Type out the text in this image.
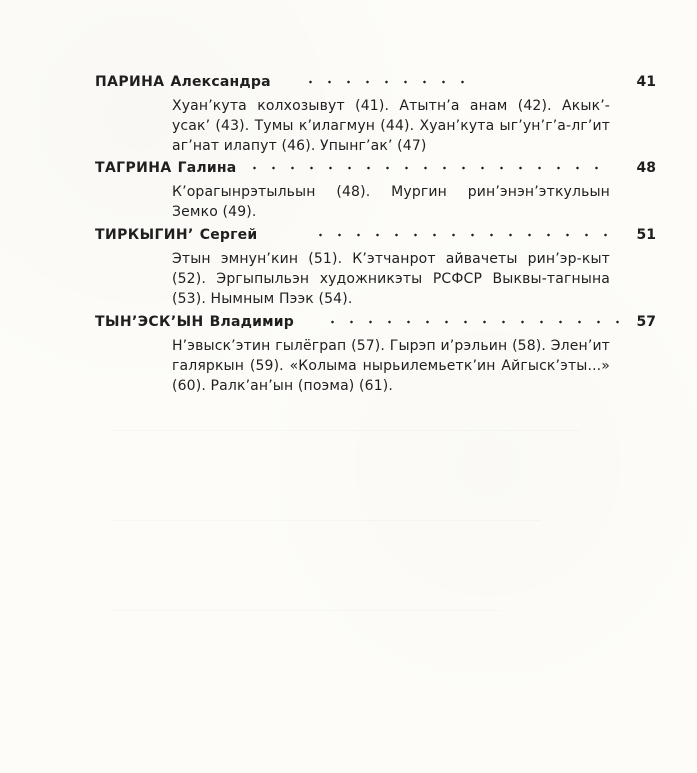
ПАРИНА Александра	41
Хуан’кута колхозывут (41). Атытн’а анам (42). Акык’-усак’ (43). Тумы к’илагмун (44). Хуан’кута ыг’ун’г’а-лг’ит аг’нат илапут (46). Упынг’ак’ (47)
ТАГРИНА Галина	48
К’орагынрэтыльын (48). Мургин рин’энэн’эткульын Земко (49).
ТИРКЫГИН’ Сергей	51
Этын эмнун’кин (51). К’этчанрот айвачеты рин’эр-кыт (52). Эргыпыльэн художникэты РСФСР Выквы-тагнына (53). Нымным Пээк (54).
ТЫН’ЭСК’ЫН Владимир	57
Н’эвыск’этин гылёграп (57). Гырэп и’рэльин (58). Элен’ит галяркын (59). «Колыма нырьилемьетк’ин Айгыск’эты...» (60). Ралк’ан’ын (поэма) (61).
